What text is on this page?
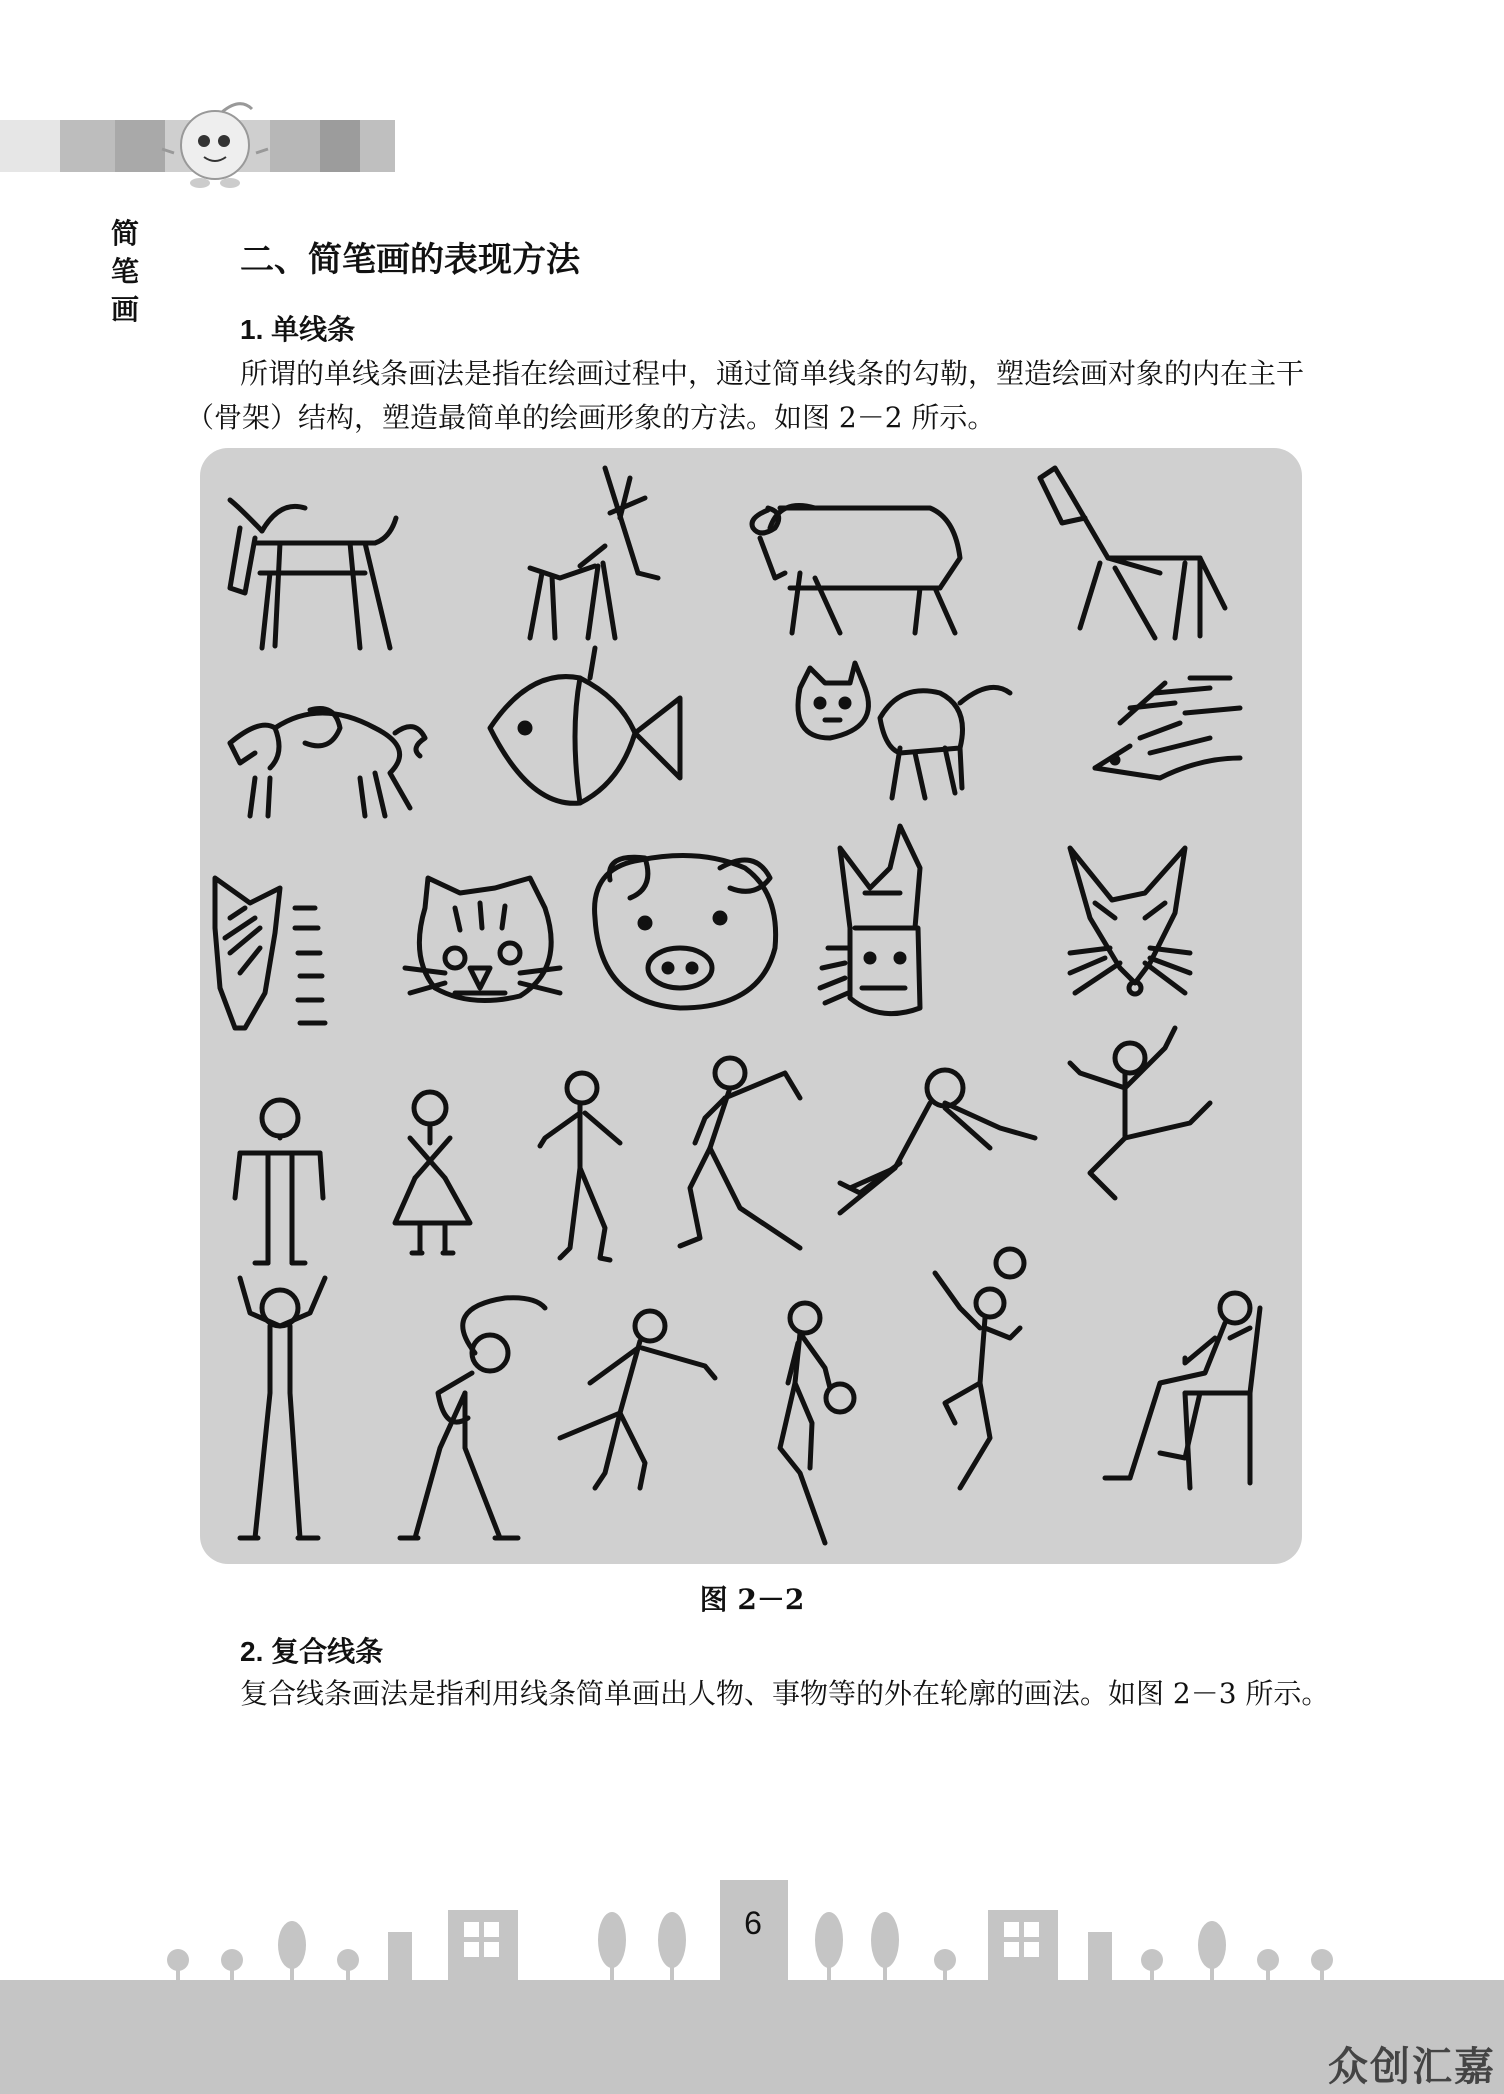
简笔画
二、简笔画的表现方法
1. 单线条

所谓的单线条画法是指在绘画过程中，通过简单线条的勾勒，塑造绘画对象的内在主干（骨架）结构，塑造最简单的绘画形象的方法。如图 2－2 所示。

图 2－2
2. 复合线条

复合线条画法是指利用线条简单画出人物、事物等的外在轮廓的画法。如图 2－3 所示。

6
众创汇嘉
